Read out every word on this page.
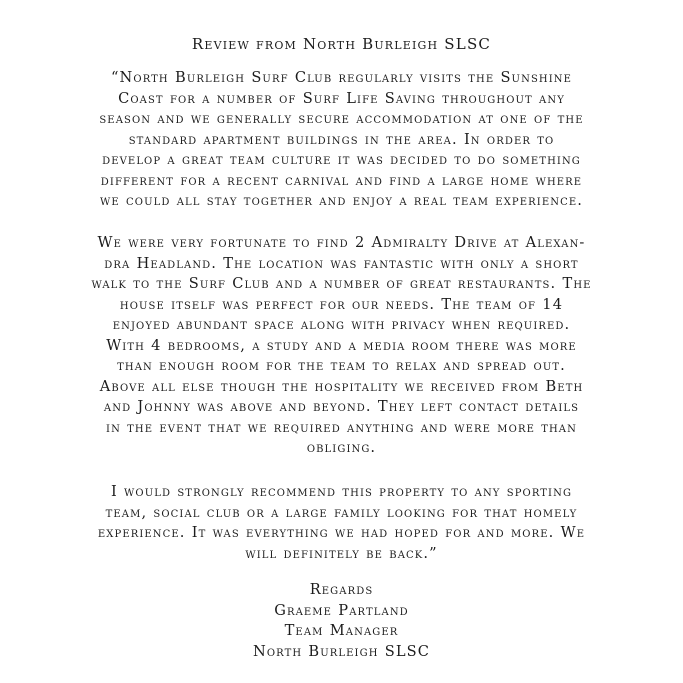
Review from North Burleigh SLSC
“North Burleigh Surf Club regularly visits the Sunshine
Coast for a number of Surf Life Saving throughout any
season and we generally secure accommodation at one of the
standard apartment buildings in the area. In order to
develop a great team culture it was decided to do something
different for a recent carnival and find a large home where
we could all stay together and enjoy a real team experience.
We were very fortunate to find 2 Admiralty Drive at Alexan-
dra Headland. The location was fantastic with only a short
walk to the Surf Club and a number of great restaurants. The
house itself was perfect for our needs. The team of 14
enjoyed abundant space along with privacy when required.
With 4 bedrooms, a study and a media room there was more
than enough room for the team to relax and spread out.
Above all else though the hospitality we received from Beth
and Johnny was above and beyond. They left contact details
in the event that we required anything and were more than
obliging.
I would strongly recommend this property to any sporting
team, social club or a large family looking for that homely
experience. It was everything we had hoped for and more. We
will definitely be back.”
Regards
Graeme Partland
Team Manager
North Burleigh SLSC
